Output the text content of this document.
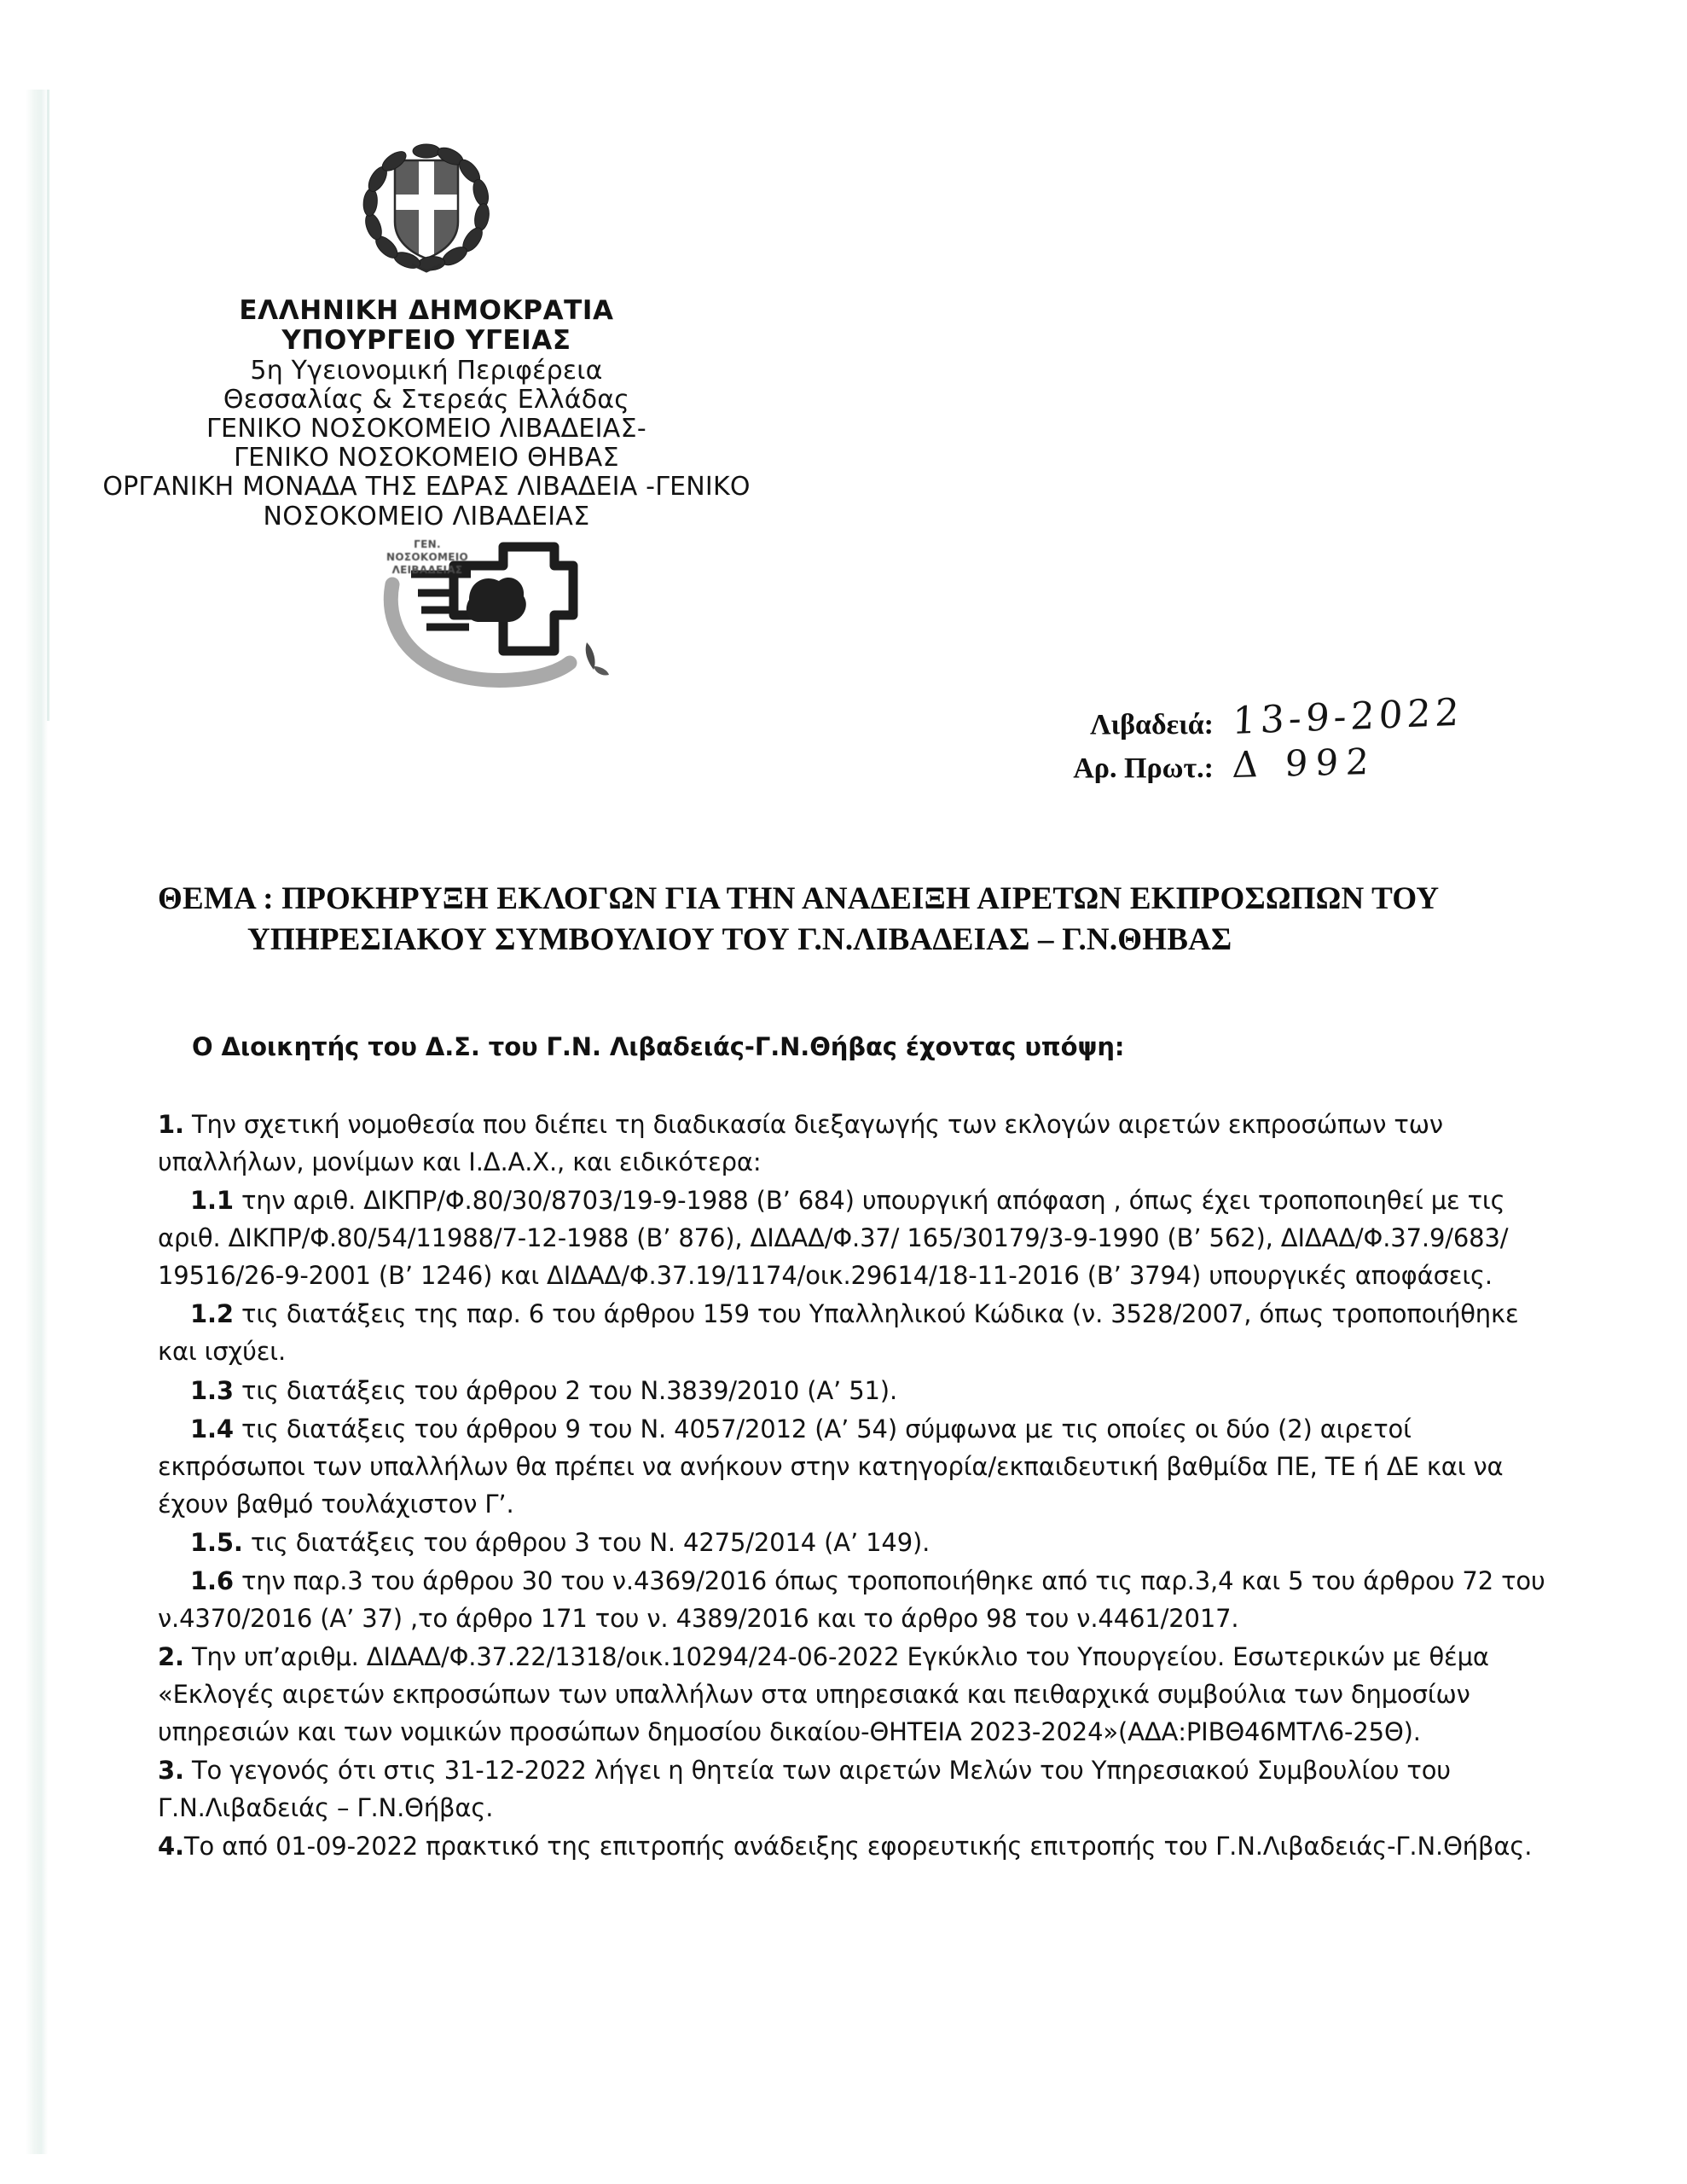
ΕΛΛΗΝΙΚΗ ΔΗΜΟΚΡΑΤΙΑ
ΥΠΟΥΡΓΕΙΟ ΥΓΕΙΑΣ
5η Υγειονομική Περιφέρεια
Θεσσαλίας & Στερεάς Ελλάδας
ΓΕΝΙΚΟ ΝΟΣΟΚΟΜΕΙΟ ΛΙΒΑΔΕΙΑΣ-
ΓΕΝΙΚΟ ΝΟΣΟΚΟΜΕΙΟ ΘΗΒΑΣ
ΟΡΓΑΝΙΚΗ ΜΟΝΑΔΑ ΤΗΣ ΕΔΡΑΣ ΛΙΒΑΔΕΙΑ -ΓΕΝΙΚΟ
ΝΟΣΟΚΟΜΕΙΟ ΛΙΒΑΔΕΙΑΣ
ΓΕΝ. ΝΟΣΟΚΟΜΕΙΟ
ΛΕΙΒΑΔΕΙΑΣ
Λιβαδειά: 13-9-2022
Αρ. Πρωτ.: Δ 992
ΘΕΜΑ : ΠΡΟΚΗΡΥΞΗ ΕΚΛΟΓΩΝ ΓΙΑ ΤΗΝ ΑΝΑΔΕΙΞΗ ΑΙΡΕΤΩΝ ΕΚΠΡΟΣΩΠΩΝ ΤΟΥ
ΥΠΗΡΕΣΙΑΚΟΥ ΣΥΜΒΟΥΛΙΟΥ ΤΟΥ Γ.Ν.ΛΙΒΑΔΕΙΑΣ – Γ.Ν.ΘΗΒΑΣ
Ο Διοικητής του Δ.Σ. του Γ.Ν. Λιβαδειάς-Γ.Ν.Θήβας έχοντας υπόψη:
1. Την σχετική νομοθεσία που διέπει τη διαδικασία διεξαγωγής των εκλογών αιρετών εκπροσώπων των υπαλλήλων, μονίμων και Ι.Δ.Α.Χ., και ειδικότερα:
1.1 την αριθ. ΔΙΚΠΡ/Φ.80/30/8703/19-9-1988 (Β’ 684) υπουργική απόφαση , όπως έχει τροποποιηθεί με τις αριθ. ΔΙΚΠΡ/Φ.80/54/11988/7-12-1988 (Β’ 876), ΔΙΔΑΔ/Φ.37/ 165/30179/3-9-1990 (Β’ 562), ΔΙΔΑΔ/Φ.37.9/683/ 19516/26-9-2001 (Β’ 1246) και ΔΙΔΑΔ/Φ.37.19/1174/οικ.29614/18-11-2016 (Β’ 3794) υπουργικές αποφάσεις.
1.2 τις διατάξεις της παρ. 6 του άρθρου 159 του Υπαλληλικού Κώδικα (ν. 3528/2007, όπως τροποποιήθηκε και ισχύει.
1.3 τις διατάξεις του άρθρου 2 του Ν.3839/2010 (Α’ 51).
1.4 τις διατάξεις του άρθρου 9 του Ν. 4057/2012 (Α’ 54) σύμφωνα με τις οποίες οι δύο (2) αιρετοί εκπρόσωποι των υπαλλήλων θα πρέπει να ανήκουν στην κατηγορία/εκπαιδευτική βαθμίδα ΠΕ, ΤΕ ή ΔΕ και να έχουν βαθμό τουλάχιστον Γ’.
1.5. τις διατάξεις του άρθρου 3 του Ν. 4275/2014 (Α’ 149).
1.6 την παρ.3 του άρθρου 30 του ν.4369/2016 όπως τροποποιήθηκε από τις παρ.3,4 και 5 του άρθρου 72 του ν.4370/2016 (Α’ 37) ,το άρθρο 171 του ν. 4389/2016 και το άρθρο 98 του ν.4461/2017.
2. Την υπ’αριθμ. ΔΙΔΑΔ/Φ.37.22/1318/οικ.10294/24-06-2022 Εγκύκλιο του Υπουργείου. Εσωτερικών με θέμα «Εκλογές αιρετών εκπροσώπων των υπαλλήλων στα υπηρεσιακά και πειθαρχικά συμβούλια των δημοσίων υπηρεσιών και των νομικών προσώπων δημοσίου δικαίου-ΘΗΤΕΙΑ 2023-2024»(ΑΔΑ:ΡΙΒΘ46ΜΤΛ6-25Θ).
3. Το γεγονός ότι στις 31-12-2022 λήγει η θητεία των αιρετών Μελών του Υπηρεσιακού Συμβουλίου του Γ.Ν.Λιβαδειάς – Γ.Ν.Θήβας.
4.Το από 01-09-2022 πρακτικό της επιτροπής ανάδειξης εφορευτικής επιτροπής του Γ.Ν.Λιβαδειάς-Γ.Ν.Θήβας.
